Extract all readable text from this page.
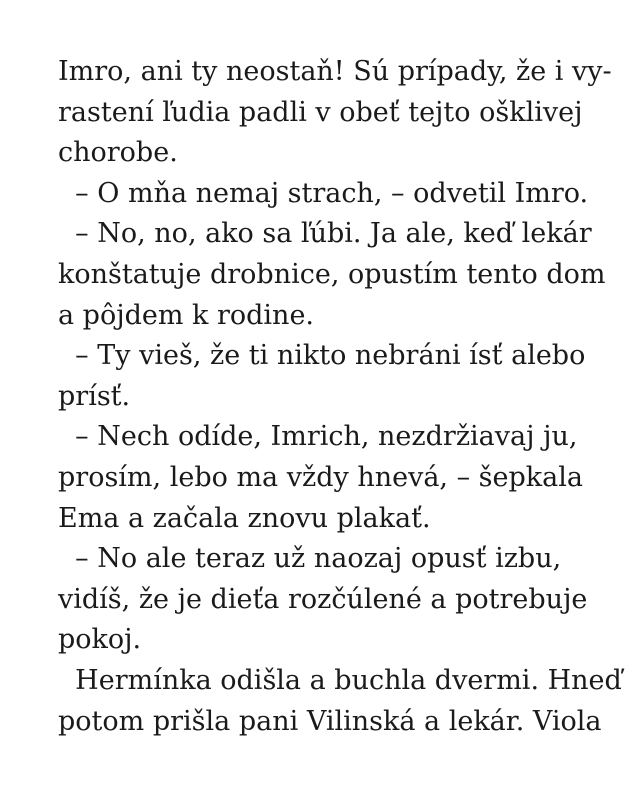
Imro, ani ty neostaň! Sú prípady, že i vy-
rastení ľudia padli v obeť tejto ošklivej
chorobe.
– O mňa nemaj strach, – odvetil Imro.
– No, no, ako sa ľúbi. Ja ale, keď lekár
konštatuje drobnice, opustím tento dom
a pôjdem k rodine.
– Ty vieš, že ti nikto nebráni ísť alebo
prísť.
– Nech odíde, Imrich, nezdržiavaj ju,
prosím, lebo ma vždy hnevá, – šepkala
Ema a začala znovu plakať.
– No ale teraz už naozaj opusť izbu,
vidíš, že je dieťa rozčúlené a potrebuje
pokoj.
Hermínka odišla a buchla dvermi. Hneď
potom prišla pani Vilinská a lekár. Viola
